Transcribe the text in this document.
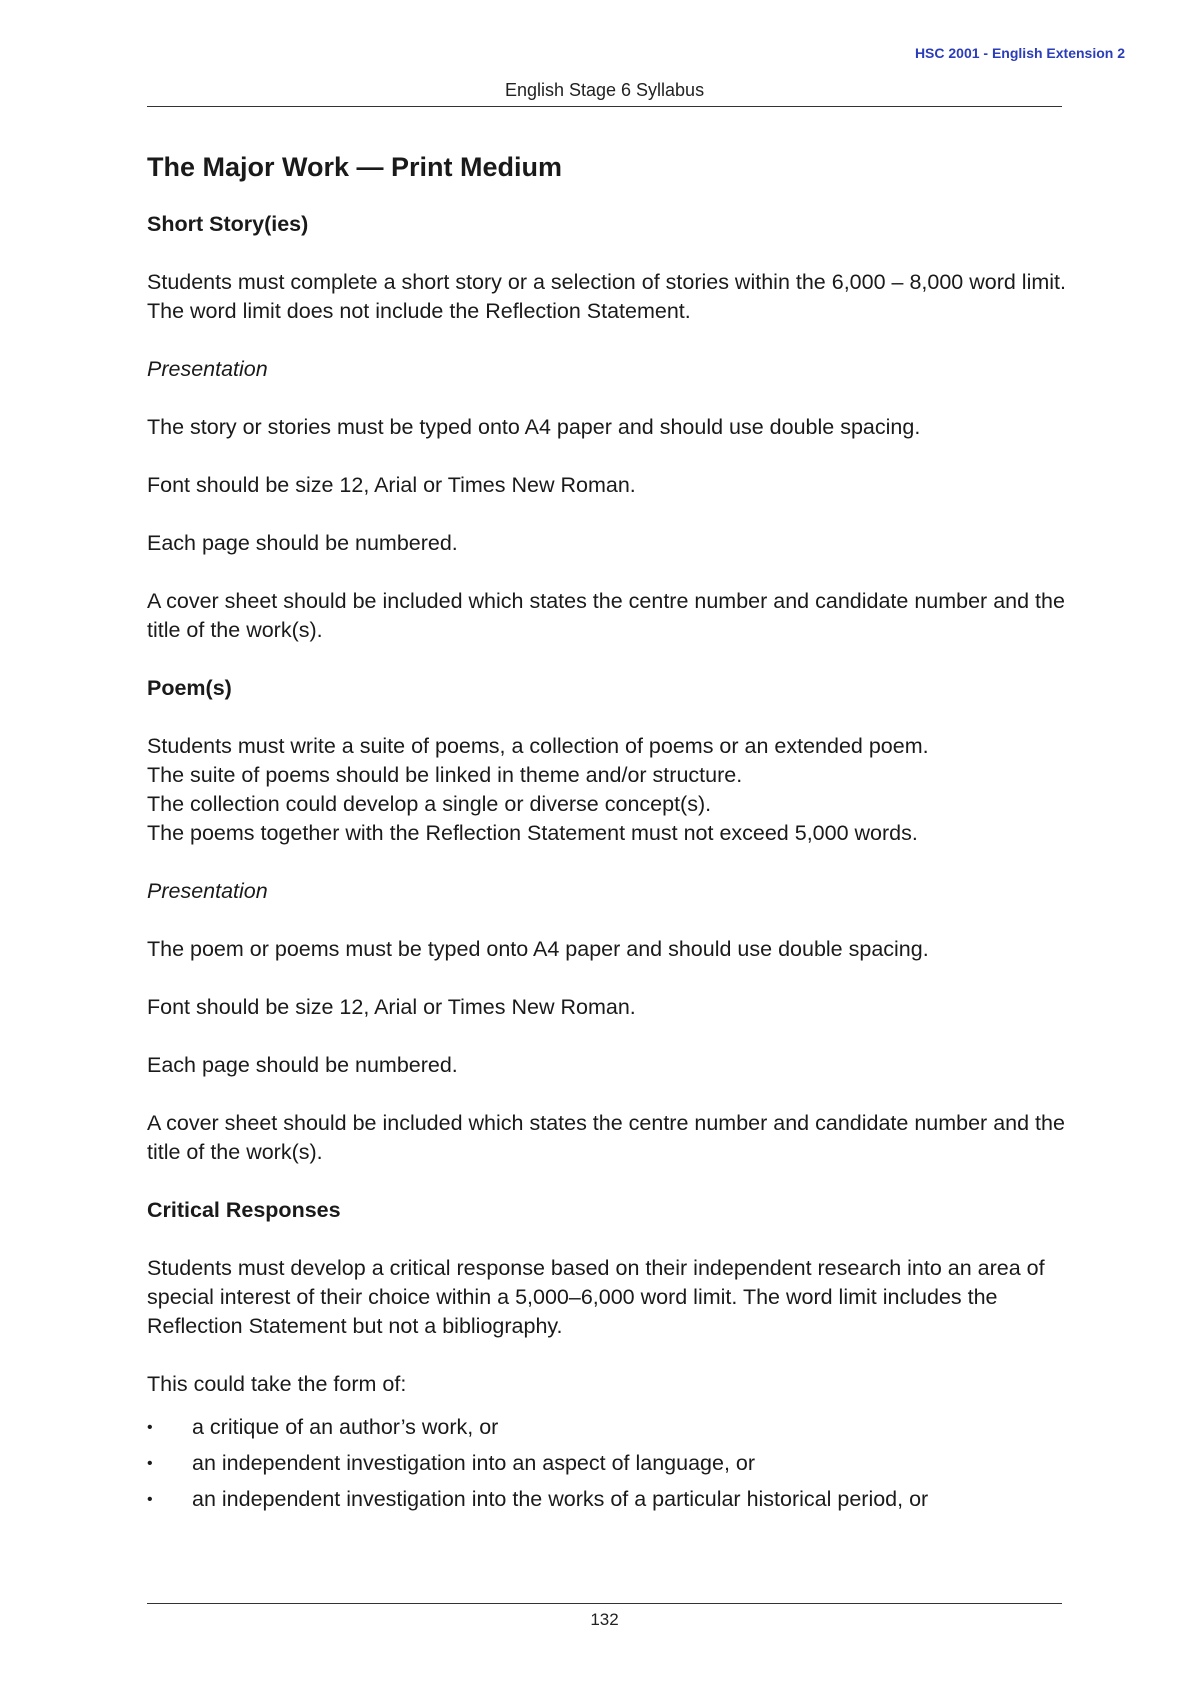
HSC 2001 - English Extension 2
English Stage 6 Syllabus

The Major Work — Print Medium

Short Story(ies)

Students must complete a short story or a selection of stories within the 6,000 – 8,000 word limit. The word limit does not include the Reflection Statement.

Presentation

The story or stories must be typed onto A4 paper and should use double spacing.

Font should be size 12, Arial or Times New Roman.

Each page should be numbered.

A cover sheet should be included which states the centre number and candidate number and the title of the work(s).

Poem(s)

Students must write a suite of poems, a collection of poems or an extended poem.

The suite of poems should be linked in theme and/or structure.

The collection could develop a single or diverse concept(s).

The poems together with the Reflection Statement must not exceed 5,000 words.

Presentation

The poem or poems must be typed onto A4 paper and should use double spacing.

Font should be size 12, Arial or Times New Roman.

Each page should be numbered.

A cover sheet should be included which states the centre number and candidate number and the title of the work(s).

Critical Responses

Students must develop a critical response based on their independent research into an area of special interest of their choice within a 5,000–6,000 word limit. The word limit includes the Reflection Statement but not a bibliography.

This could take the form of:

• a critique of an author’s work, or
• an independent investigation into an aspect of language, or
• an independent investigation into the works of a particular historical period, or
132
